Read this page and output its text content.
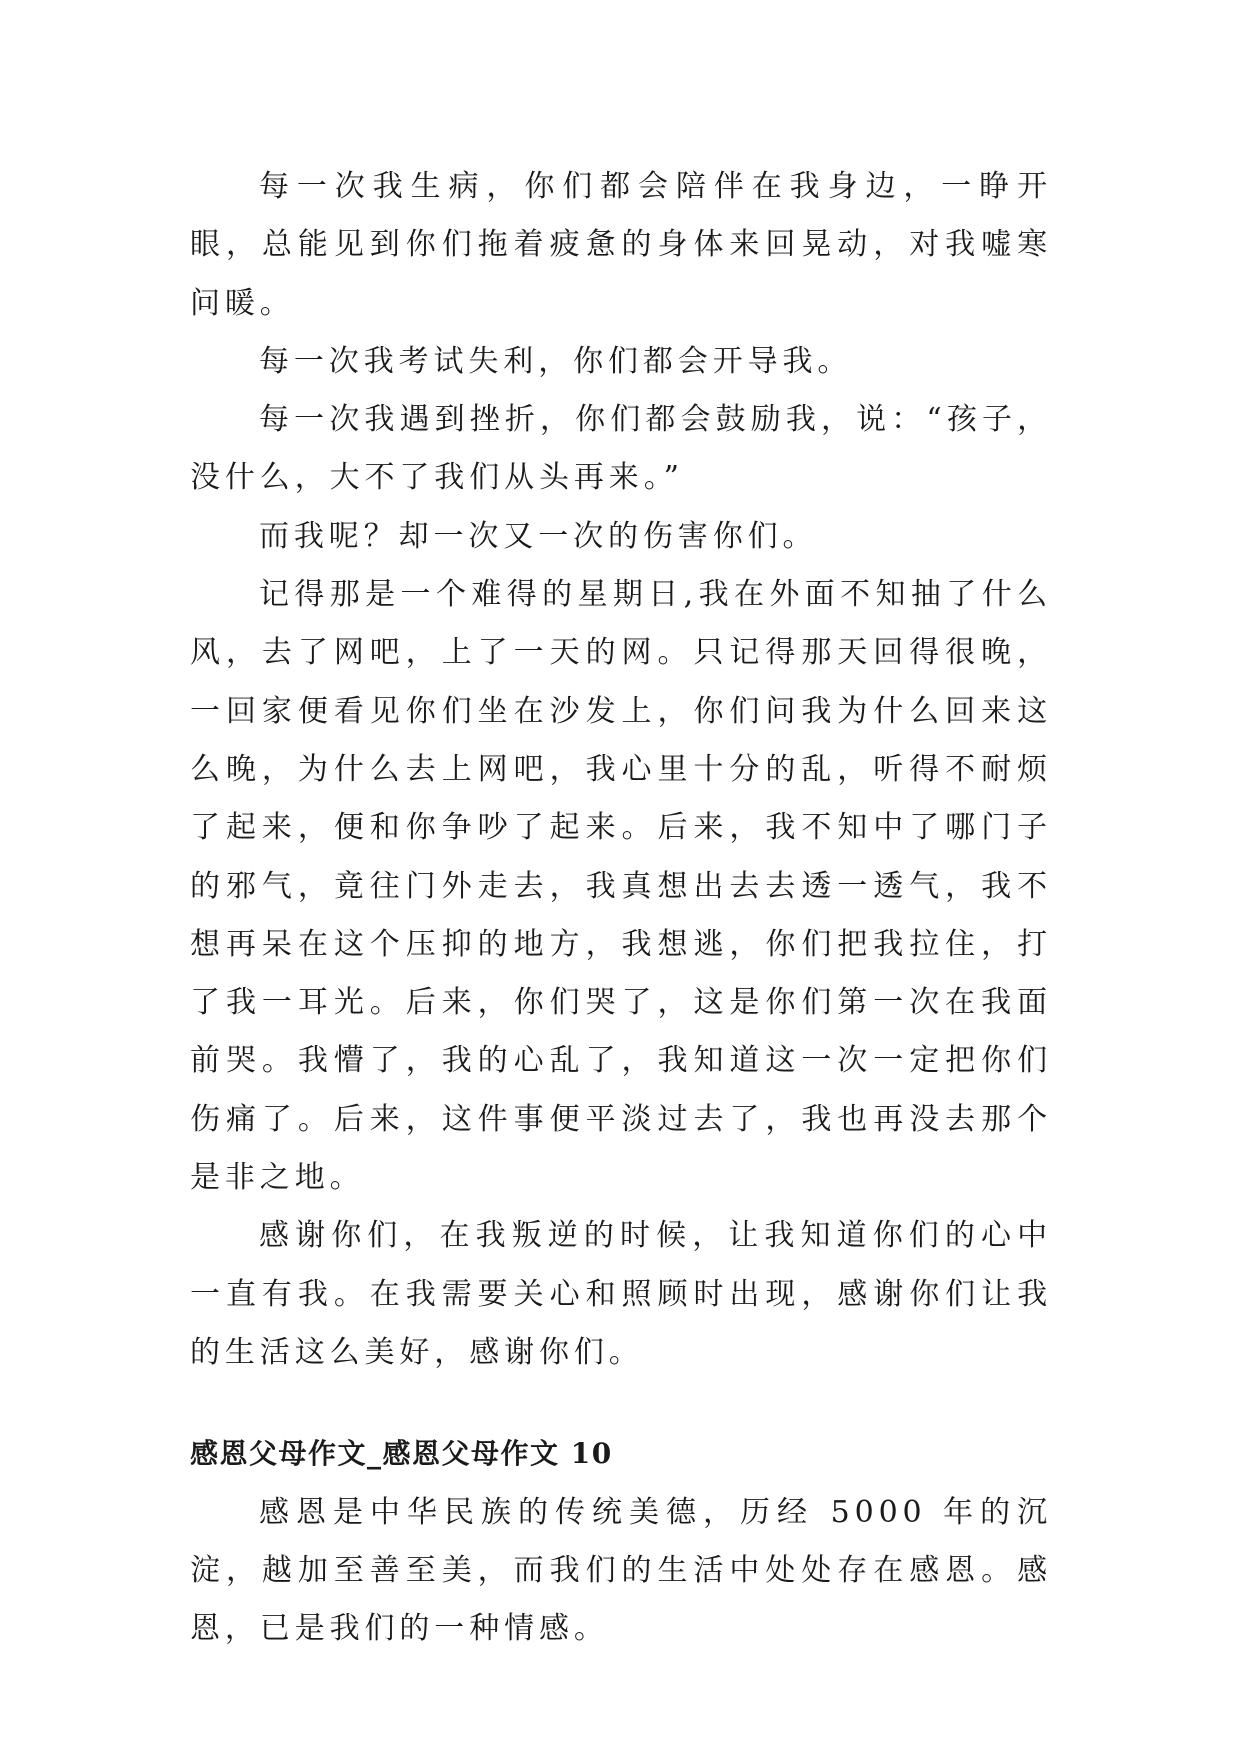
每一次我生病，你们都会陪伴在我身边，一睁开眼，总能见到你们拖着疲惫的身体来回晃动，对我嘘寒问暖。

每一次我考试失利，你们都会开导我。

每一次我遇到挫折，你们都会鼓励我，说：“孩子，没什么，大不了我们从头再来。”

而我呢？却一次又一次的伤害你们。

记得那是一个难得的星期日,我在外面不知抽了什么风，去了网吧，上了一天的网。只记得那天回得很晚，一回家便看见你们坐在沙发上，你们问我为什么回来这么晚，为什么去上网吧，我心里十分的乱，听得不耐烦了起来，便和你争吵了起来。后来，我不知中了哪门子的邪气，竟往门外走去，我真想出去去透一透气，我不想再呆在这个压抑的地方，我想逃，你们把我拉住，打了我一耳光。后来，你们哭了，这是你们第一次在我面前哭。我懵了，我的心乱了，我知道这一次一定把你们伤痛了。后来，这件事便平淡过去了，我也再没去那个是非之地。

感谢你们，在我叛逆的时候，让我知道你们的心中一直有我。在我需要关心和照顾时出现，感谢你们让我的生活这么美好，感谢你们。

感恩父母作文_感恩父母作文 10

感恩是中华民族的传统美德，历经 5000 年的沉淀，越加至善至美，而我们的生活中处处存在感恩。感恩，已是我们的一种情感。
